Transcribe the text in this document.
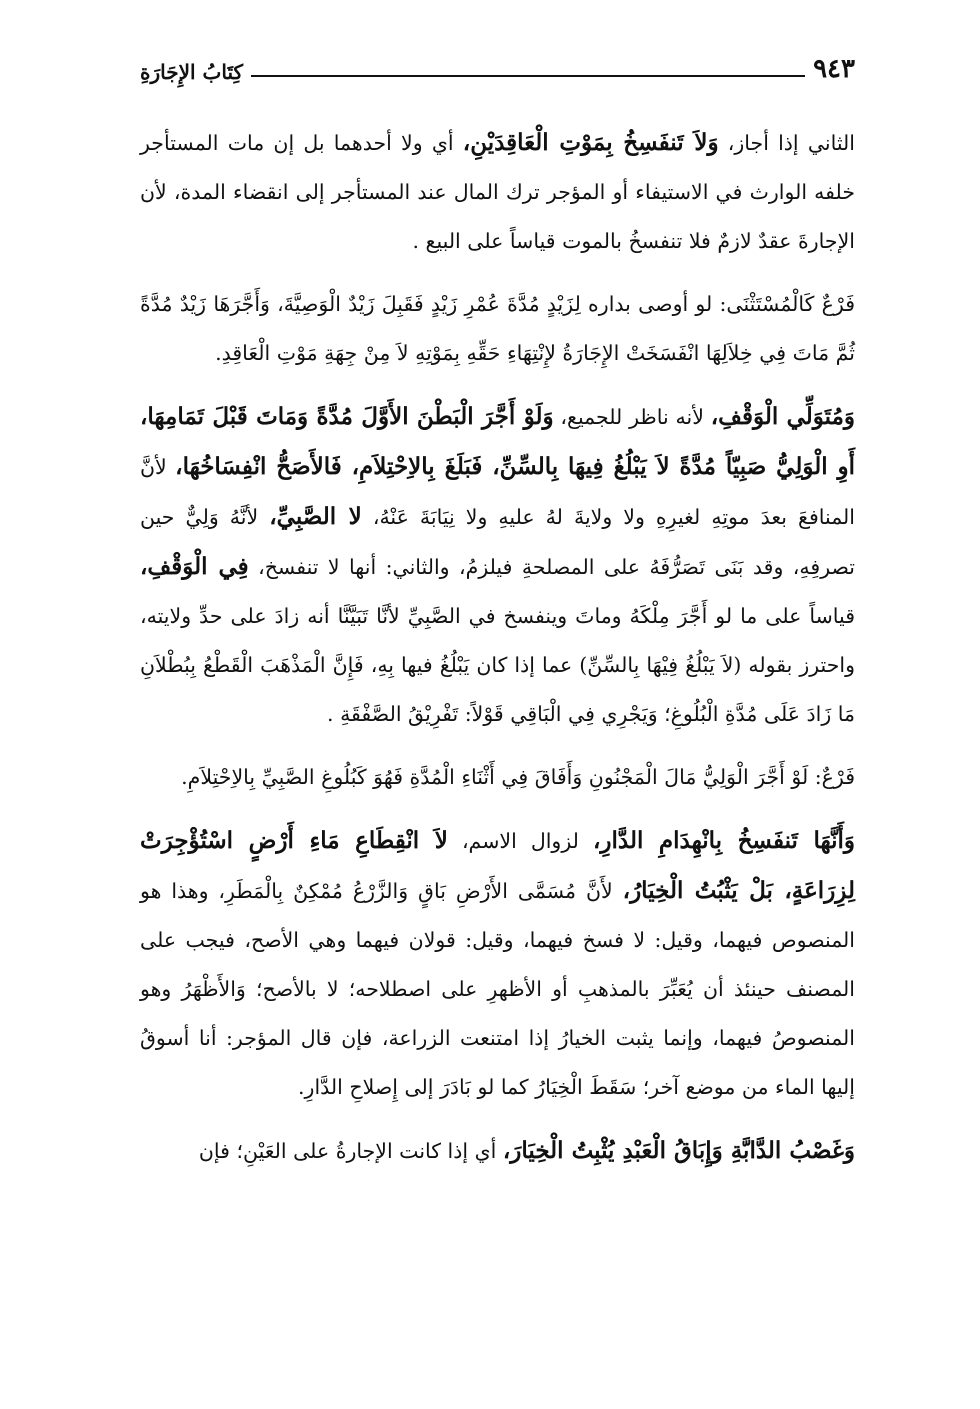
٩٤٣
كِتَابُ الإِجَارَةِ

الثاني إذا أجاز، وَلاَ تَنفَسِخُ بِمَوْتِ الْعَاقِدَيْنِ، أي ولا أحدهما بل إن مات المستأجر خلفه الوارث في الاستيفاء أو المؤجر ترك المال عند المستأجر إلى انقضاء المدة، لأن الإجارةَ عقدٌ لازمٌ فلا تنفسخُ بالموت قياساً على البيع .

فَرْعٌ كَالْمُسْتَثْنَى: لو أوصى بداره لِزَيْدٍ مُدَّةَ عُمْرِ زَيْدٍ فَقَبِلَ زَيْدٌ الْوَصِيَّةَ، وَأَجَّرَهَا زَيْدٌ مُدَّةً ثُمَّ مَاتَ فِي خِلاَلِهَا انْفَسَخَتْ الإِجَارَةُ لإِنْتِهَاءِ حَقِّهِ بِمَوْتِهِ لاَ مِنْ جِهَةِ مَوْتِ الْعَاقِدِ.

وَمُتَوَلِّي الْوَقْفِ، لأنه ناظر للجميع، وَلَوْ أَجَّرَ الْبَطْنَ الأَوَّلَ مُدَّةً وَمَاتَ قَبْلَ تَمَامِهَا، أَوِ الْوَلِيُّ صَبِيّاً مُدَّةً لاَ يَبْلُغُ فِيهَا بِالسِّنِّ، فَبَلَغَ بِالاِحْتِلاَمِ، فَالأَصَحُّ انْفِسَاخُهَا، لأنَّ المنافعَ بعدَ موتِهِ لغيرِهِ ولا ولايةَ لهُ عليهِ ولا نِيَابَةَ عَنْهُ، لا الصَّبِيِّ، لأنَّهُ وَلِيٌّ حين تصرفِهِ، وقد بَنَى تَصَرُّفَهُ على المصلحةِ فيلزمُ، والثاني: أنها لا تنفسخ، فِي الْوَقْفِ، قياساً على ما لو أَجَّرَ مِلْكَهُ وماتَ وينفسخ في الصَّبِيِّ لأنَّا تَبَيَّنَّا أنه زادَ على حدِّ ولايته، واحترز بقوله (لاَ يَبْلُغُ فِيْهَا بِالسِّنِّ) عما إذا كان يَبْلُغُ فيها بِهِ، فَإِنَّ الْمَذْهَبَ الْقَطْعُ بِبُطْلاَنِ مَا زَادَ عَلَى مُدَّةِ الْبُلُوغِ؛ وَيَجْرِي فِي الْبَاقِي قَوْلاً: تَفْرِيْقُ الصَّفْقَةِ .

فَرْعٌ: لَوْ أَجَّرَ الْوَلِيُّ مَالَ الْمَجْنُونِ وَأَفَاقَ فِي أَثْنَاءِ الْمُدَّةِ فَهُوَ كَبُلُوغِ الصَّبِيِّ بِالاِحْتِلاَمِ.

وَأَنَّهَا تَنفَسِخُ بِانْهِدَامِ الدَّارِ، لزوال الاسم، لاَ انْقِطَاعِ مَاءِ أَرْضٍ اسْتُؤْجِرَتْ لِزِرَاعَةٍ، بَلْ يَثْبُتُ الْخِيَارُ، لأَنَّ مُسَمَّى الأَرْضِ بَاقٍ وَالزَّرْعُ مُمْكِنٌ بِالْمَطَرِ، وهذا هو المنصوص فيهما، وقيل: لا فسخ فيهما، وقيل: قولان فيهما وهي الأصح، فيجب على المصنف حينئذ أن يُعَبِّرَ بالمذهبِ أو الأظهرِ على اصطلاحه؛ لا بالأصح؛ وَالأَظْهَرُ وهو المنصوصُ فيهما، وإنما يثبت الخيارُ إذا امتنعت الزراعة، فإن قال المؤجر: أنا أسوقُ إليها الماء من موضع آخر؛ سَقَطَ الْخِيَارُ كما لو بَادَرَ إلى إِصلاحِ الدَّارِ.

وَغَصْبُ الدَّابَّةِ وَإِبَاقُ الْعَبْدِ يُثْبِتُ الْخِيَارَ، أي إذا كانت الإجارةُ على العَيْنِ؛ فإن
